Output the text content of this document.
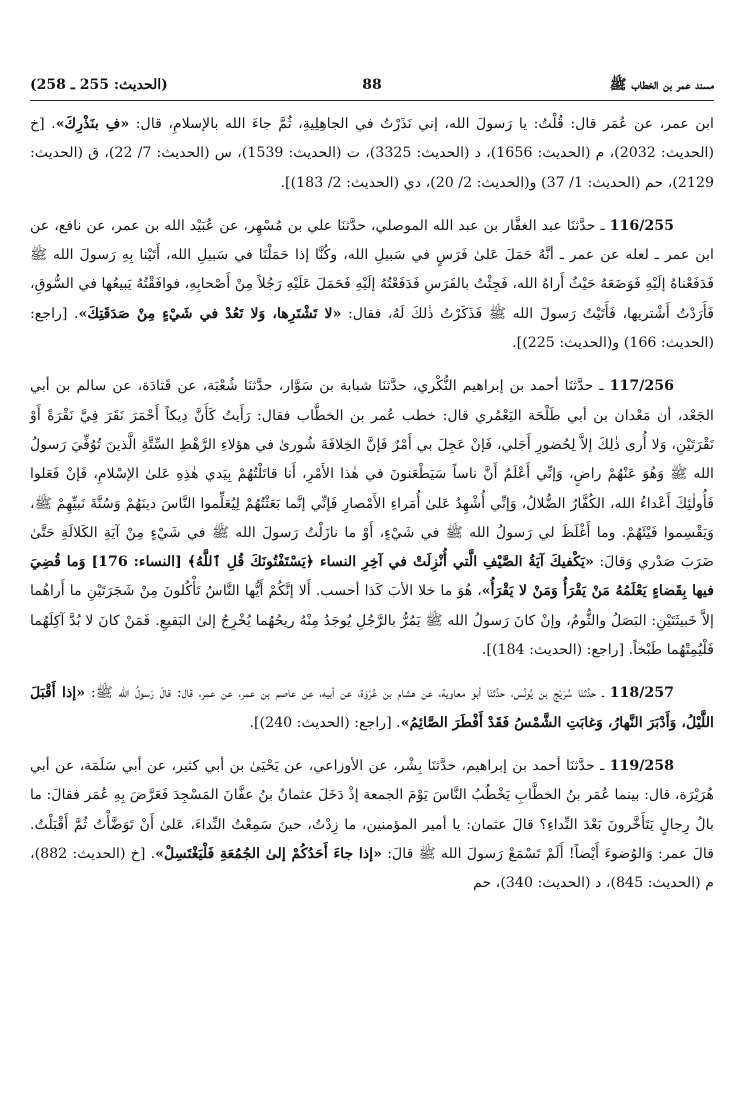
مسند عمر بن الخطاب ﷺ
88
(الحديث: 255 ـ 258)

ابن عمر، عن عُمَر قال: قُلْتُ: يا رَسولَ الله، إني نَذَرْتُ في الجاهِلِيةِ، ثُمَّ جاءَ الله بالإسلامِ، قال: «فِ بنَذْرِكَ». [خ (الحديث: 2032)، م (الحديث: 1656)، د (الحديث: 3325)، ت (الحديث: 1539)، س (الحديث: 7/ 22)، ق (الحديث: 2129)، حم (الحديث: 1/ 37) و(الحديث: 2/ 20)، دي (الحديث: 2/ 183)].

116/255 ـ حدَّثنَا عبد الغفَّار بن عبد الله الموصلي، حدَّثنَا علي بن مُسْهِر، عن عُبَيْد الله بن عمر، عن نافع، عن ابن عمر ـ لعله عن عمر ـ أنَّهُ حَمَلَ عَلىٰ فَرَسٍ في سَبيلِ الله، وكُنَّا إذا حَمَلْنَا في سَبيلِ الله، أَتَيْنا بِهِ رَسولَ الله ﷺ فَدَفَعْناهُ إلَيْهِ فَوَضَعَهُ حَيْثُ أَراهُ الله، فَجِئْتُ بالفَرَسِ فَدَفَعْتُهُ إلَيْهِ فَحَمَلَ عَلَيْهِ رَجُلاً مِنْ أَصْحابِهِ، فوافَقْتُهُ يَبيعُها في السُّوقِ، فَأَرَدْتُ أَشْتريها، فَأَتَيْتُ رَسولَ الله ﷺ فَذَكَرْتُ ذٰلكَ لَهُ، فقال: «لا تَشْتَرِها، وَلا تَعُدْ في شَيْءٍ مِنْ صَدَقَتِكَ». [راجع: (الحديث: 166) و(الحديث: 225)].

117/256 ـ حدَّثنَا أحمد بن إبراهيم النُّكْري، حدَّثنَا شبابة بن سَوَّار، حدَّثنَا شُعْبَة، عن قَتادَة، عن سالم بن أبي الجَعْد، أن مَعْدان بن أبي طَلْحَة اليَعْمُري قال: خطب عُمر بن الخطَّاب فقال: رَأَيتُ كَأَنَّ دِيكاً أَحْمَرَ نَقَرَ فِيَّ نَقْرَةً أَوْ نَقْرَتَيْنِ، وَلا أُرى ذٰلِكَ إلاَّ لِحُضورِ أَجَلي، فَإنْ عَجِلَ بي أَمْرٌ فَإنَّ الخِلافَةَ شُورىٰ في هؤلاءِ الرَّهْطِ السِّتَّةِ الَّذينَ تُوُفِّيَ رَسولُ الله ﷺ وَهُوَ عَنْهُمْ راضٍ، وَإنِّي أَعْلَمُ أَنَّ ناساً سَيَطْعَنونَ في هٰذا الأَمْرِ، أَنا قاتَلْتُهُمْ بِيَدي هٰذِهِ عَلىٰ الإسْلامِ، فَإنْ فَعَلوا فَأُولٰئِكَ أَعْداءُ الله، الكُفَّارُ الضُّلالُ، وَإنِّي أُشْهِدُ عَلىٰ أُمَراءِ الأَمْصارِ فَإنِّي إنَّما بَعَثْتُهُمْ لِيُعَلِّموا النَّاسَ دينَهُمْ وَسُنَّةَ نَبيِّهِمْ ﷺ، وَيَقْسِموا فَيْئَهُمْ. وما أَغْلَظَ لي رَسولُ الله ﷺ في شَيْءٍ، أَوْ ما نازَلْتُ رَسولَ الله ﷺ في شَيْءٍ مِنْ آيَةِ الكَلالَةِ حَتَّىٰ ضَرَبَ صَدْري وَقالَ: «يَكْفيكَ آيَةُ الصَّيْفِ الَّتي أُنْزِلَتْ في آخِرِ النساء ﴿يَسْتَفْتُونَكَ قُلِ ٱللَّهُ﴾ [النساء: 176] وَما قُضِيَ فيها بِقَضاءٍ يَعْلَمُهُ مَنْ يَقْرَأُ وَمَنْ لا يَقْرَأُ»، هُوَ ما خلا الأبَ كَذا أحسب. أَلا إنَّكُمْ أَيُّها النَّاسُ تَأْكُلونَ مِنْ شَجَرَتَيْنِ ما أَراهُما إلاَّ خَبيثَتَيْنِ: البَصَلُ والثُّومُ، وإنْ كانَ رَسولُ الله ﷺ يَمُرُّ بالرَّجُلِ يُوجَدُ مِنْهُ ريحُهُما يُخْرِجُ إلىٰ البَقيعِ. فَمَنْ كانَ لا بُدَّ آكِلَهُما فَلْيُمِتْهُما طَبْخاً. [راجع: (الحديث: 184)].

118/257 ـ حدَّثنَا سُرَيْج بن يُونُس، حدَّثنَا أبو معاوية، عن هشام بن عُرْوَة، عن أبيه، عن عاصم بن عمر، عن عمر، قال: قالَ رَسولُ الله ﷺ: «إذا أَقْبَلَ اللَّيْلُ، وَأَدْبَرَ النَّهارُ، وَغابَتِ الشَّمْسُ فَقَدْ أَفْطَرَ الصَّائِمُ». [راجع: (الحديث: 240)].

119/258 ـ حدَّثنَا أحمد بن إبراهيم، حدَّثنَا بِشْر، عن الأوزاعي، عن يَحْيَىٰ بن أبي كثير، عن أبي سَلَمَة، عن أبي هُرَيْرَة، قال: بينما عُمَر بنُ الخطَّابِ يَخْطُبُ النَّاسَ يَوْمَ الجمعة إذْ دَخَلَ عثمانُ بنُ عفَّانَ المَسْجِدَ فَعَرَّضَ بِهِ عُمَر فقالَ: ما بالُ رِجالٍ يَتَأَخَّرونَ بَعْدَ النِّداءِ؟ قالَ عثمان: يا أمير المؤمنين، ما زِدْتُ، حينَ سَمِعْتُ النِّداءَ، عَلىٰ أَنْ تَوَضَّأْتُ ثُمَّ أَقْبَلْتُ. قالَ عمر: وَالوُضوءَ أَيْضاً! أَلَمْ تَسْمَعْ رَسولَ الله ﷺ قالَ: «إذا جاءَ أَحَدُكُمْ إلىٰ الجُمُعَةِ فَلْيَغْتَسِلْ». [خ (الحديث: 882)، م (الحديث: 845)، د (الحديث: 340)، حم
